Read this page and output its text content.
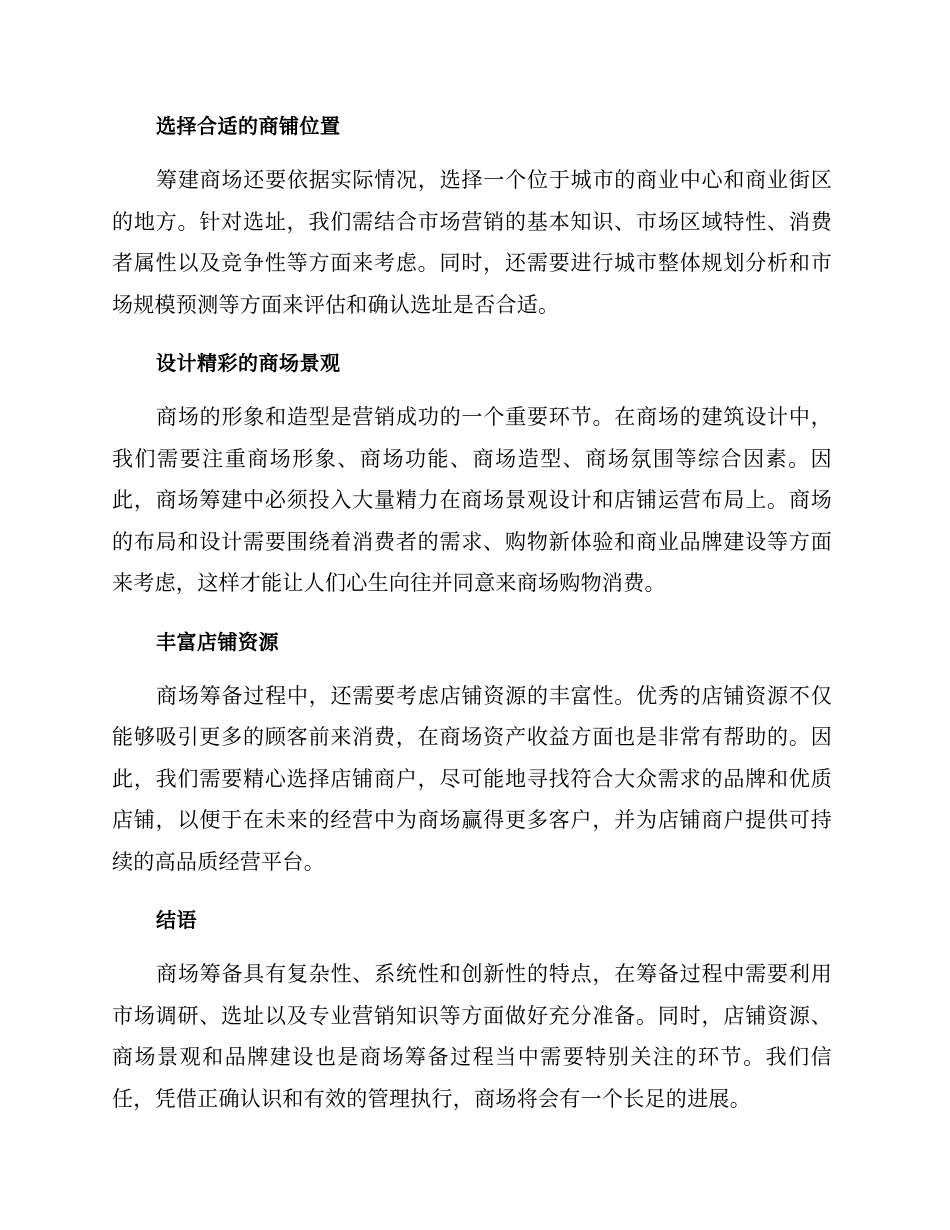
选择合适的商铺位置

筹建商场还要依据实际情况，选择一个位于城市的商业中心和商业街区的地方。针对选址，我们需结合市场营销的基本知识、市场区域特性、消费者属性以及竞争性等方面来考虑。同时，还需要进行城市整体规划分析和市场规模预测等方面来评估和确认选址是否合适。

设计精彩的商场景观

商场的形象和造型是营销成功的一个重要环节。在商场的建筑设计中，我们需要注重商场形象、商场功能、商场造型、商场氛围等综合因素。因此，商场筹建中必须投入大量精力在商场景观设计和店铺运营布局上。商场的布局和设计需要围绕着消费者的需求、购物新体验和商业品牌建设等方面来考虑，这样才能让人们心生向往并同意来商场购物消费。

丰富店铺资源

商场筹备过程中，还需要考虑店铺资源的丰富性。优秀的店铺资源不仅能够吸引更多的顾客前来消费，在商场资产收益方面也是非常有帮助的。因此，我们需要精心选择店铺商户，尽可能地寻找符合大众需求的品牌和优质店铺，以便于在未来的经营中为商场赢得更多客户，并为店铺商户提供可持续的高品质经营平台。

结语

商场筹备具有复杂性、系统性和创新性的特点，在筹备过程中需要利用市场调研、选址以及专业营销知识等方面做好充分准备。同时，店铺资源、商场景观和品牌建设也是商场筹备过程当中需要特别关注的环节。我们信任，凭借正确认识和有效的管理执行，商场将会有一个长足的进展。
